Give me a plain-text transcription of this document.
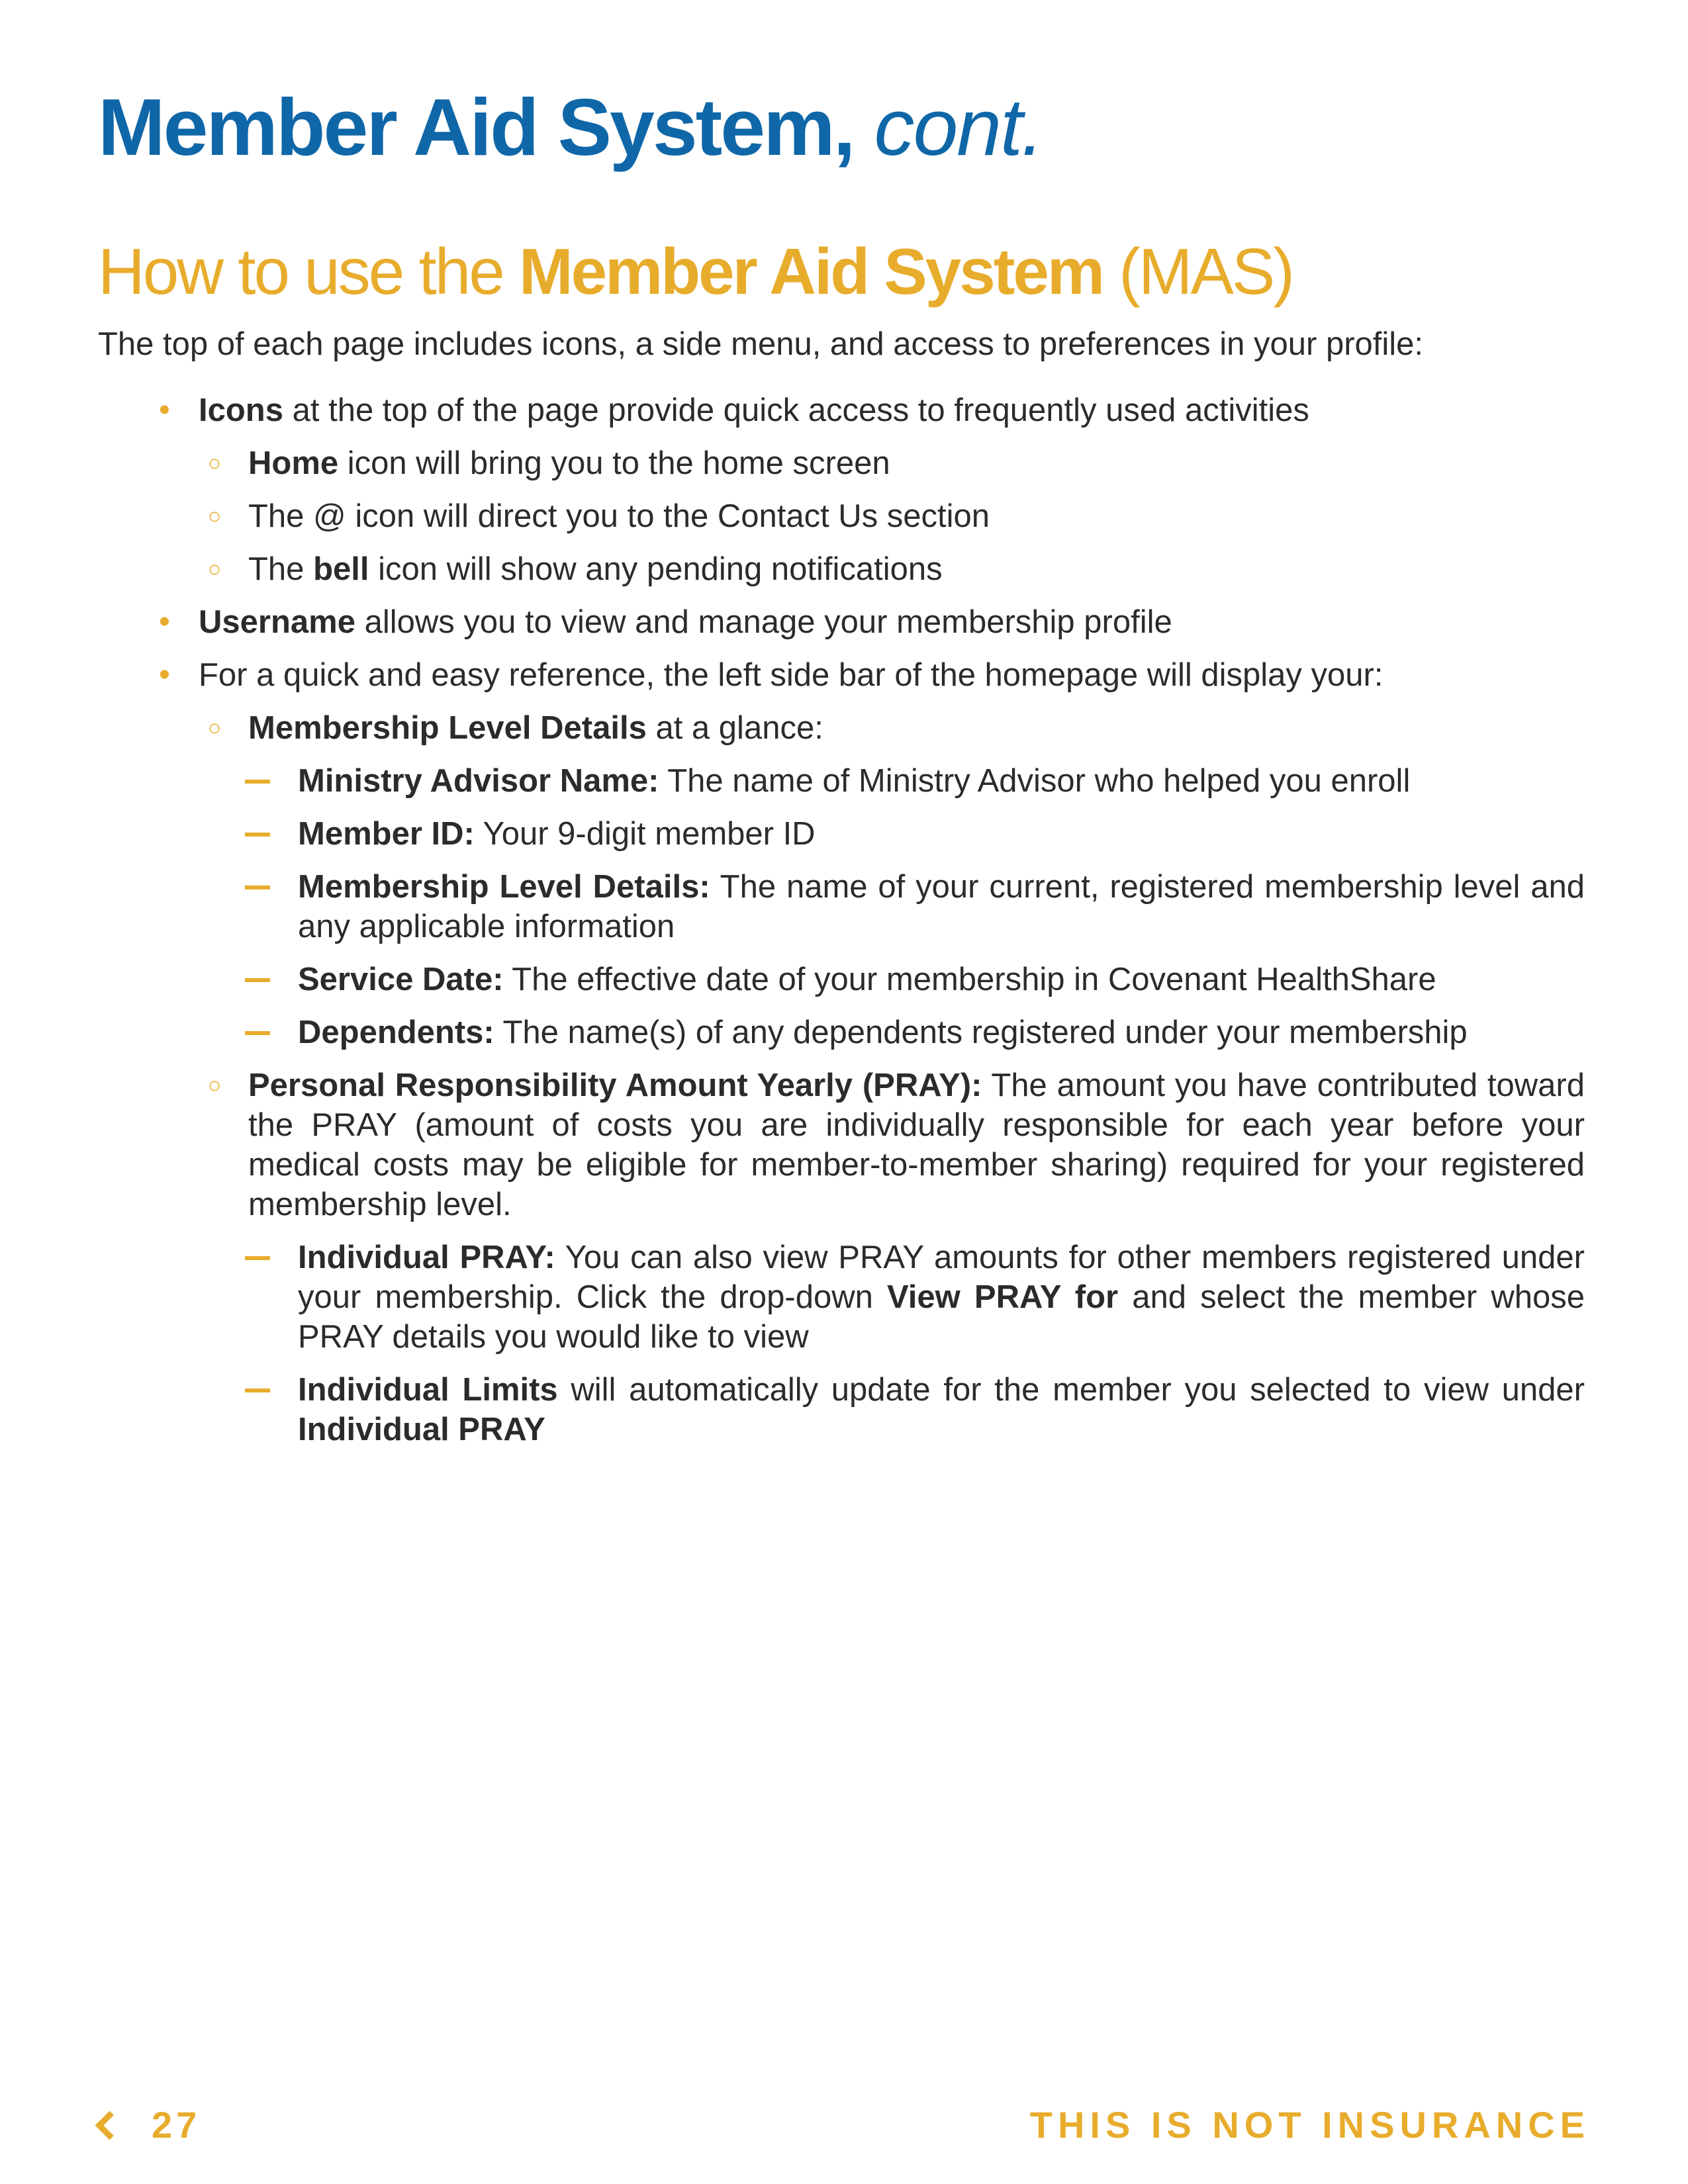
Member Aid System, cont.
How to use the Member Aid System (MAS)

The top of each page includes icons, a side menu, and access to preferences in your profile:

• Icons at the top of the page provide quick access to frequently used activities
○ Home icon will bring you to the home screen
○ The @ icon will direct you to the Contact Us section
○ The bell icon will show any pending notifications
• Username allows you to view and manage your membership profile
• For a quick and easy reference, the left side bar of the homepage will display your:
○ Membership Level Details at a glance:
Ministry Advisor Name: The name of Ministry Advisor who helped you enroll
Member ID: Your 9-digit member ID
Membership Level Details: The name of your current, registered membership level and any applicable information
Service Date: The effective date of your membership in Covenant HealthShare
Dependents: The name(s) of any dependents registered under your membership
○ Personal Responsibility Amount Yearly (PRAY): The amount you have contributed toward the PRAY (amount of costs you are individually responsible for each year before your medical costs may be eligible for member-to-member sharing) required for your registered membership level.
Individual PRAY: You can also view PRAY amounts for other members registered under your membership. Click the drop-down View PRAY for and select the member whose PRAY details you would like to view
Individual Limits will automatically update for the member you selected to view under Individual PRAY
27	THIS IS NOT INSURANCE
